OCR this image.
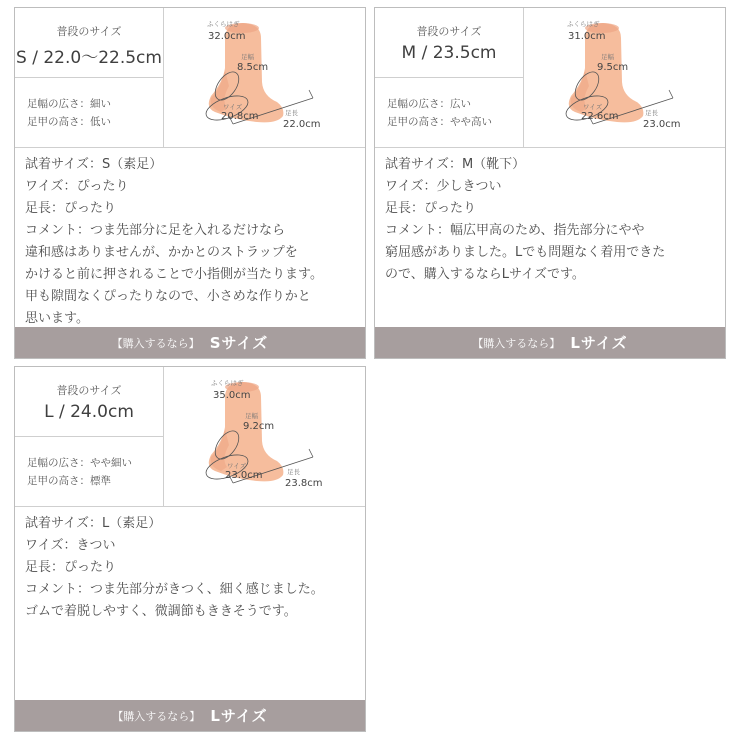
普段のサイズ
S / 22.0〜22.5cm
足幅の広さ：細い
足甲の高さ：低い
ふくらはぎ
32.0cm
足幅
8.5cm
ワイズ
20.8cm	足長
22.0cm
試着サイズ：S（素足）
ワイズ：ぴったり
足長：ぴったり
コメント：つま先部分に足を入れるだけなら
違和感はありませんが、かかとのストラップを
かけると前に押されることで小指側が当たります。
甲も隙間なくぴったりなので、小さめな作りかと
思います。
【購入するなら】 Sサイズ
普段のサイズ
M / 23.5cm
足幅の広さ：広い
足甲の高さ：やや高い
ふくらはぎ
31.0cm
足幅
9.5cm
ワイズ
22.6cm	足長
23.0cm
試着サイズ：M（靴下）
ワイズ：少しきつい
足長：ぴったり
コメント：幅広甲高のため、指先部分にやや
窮屈感がありました。Lでも問題なく着用できた
ので、購入するならLサイズです。
【購入するなら】 Lサイズ
普段のサイズ
L / 24.0cm
足幅の広さ：やや細い
足甲の高さ：標準
ふくらはぎ
35.0cm
足幅
9.2cm
ワイズ
23.0cm	足長
23.8cm
試着サイズ：L（素足）
ワイズ：きつい
足長：ぴったり
コメント：つま先部分がきつく、細く感じました。
ゴムで着脱しやすく、微調節もききそうです。
【購入するなら】 Lサイズ
